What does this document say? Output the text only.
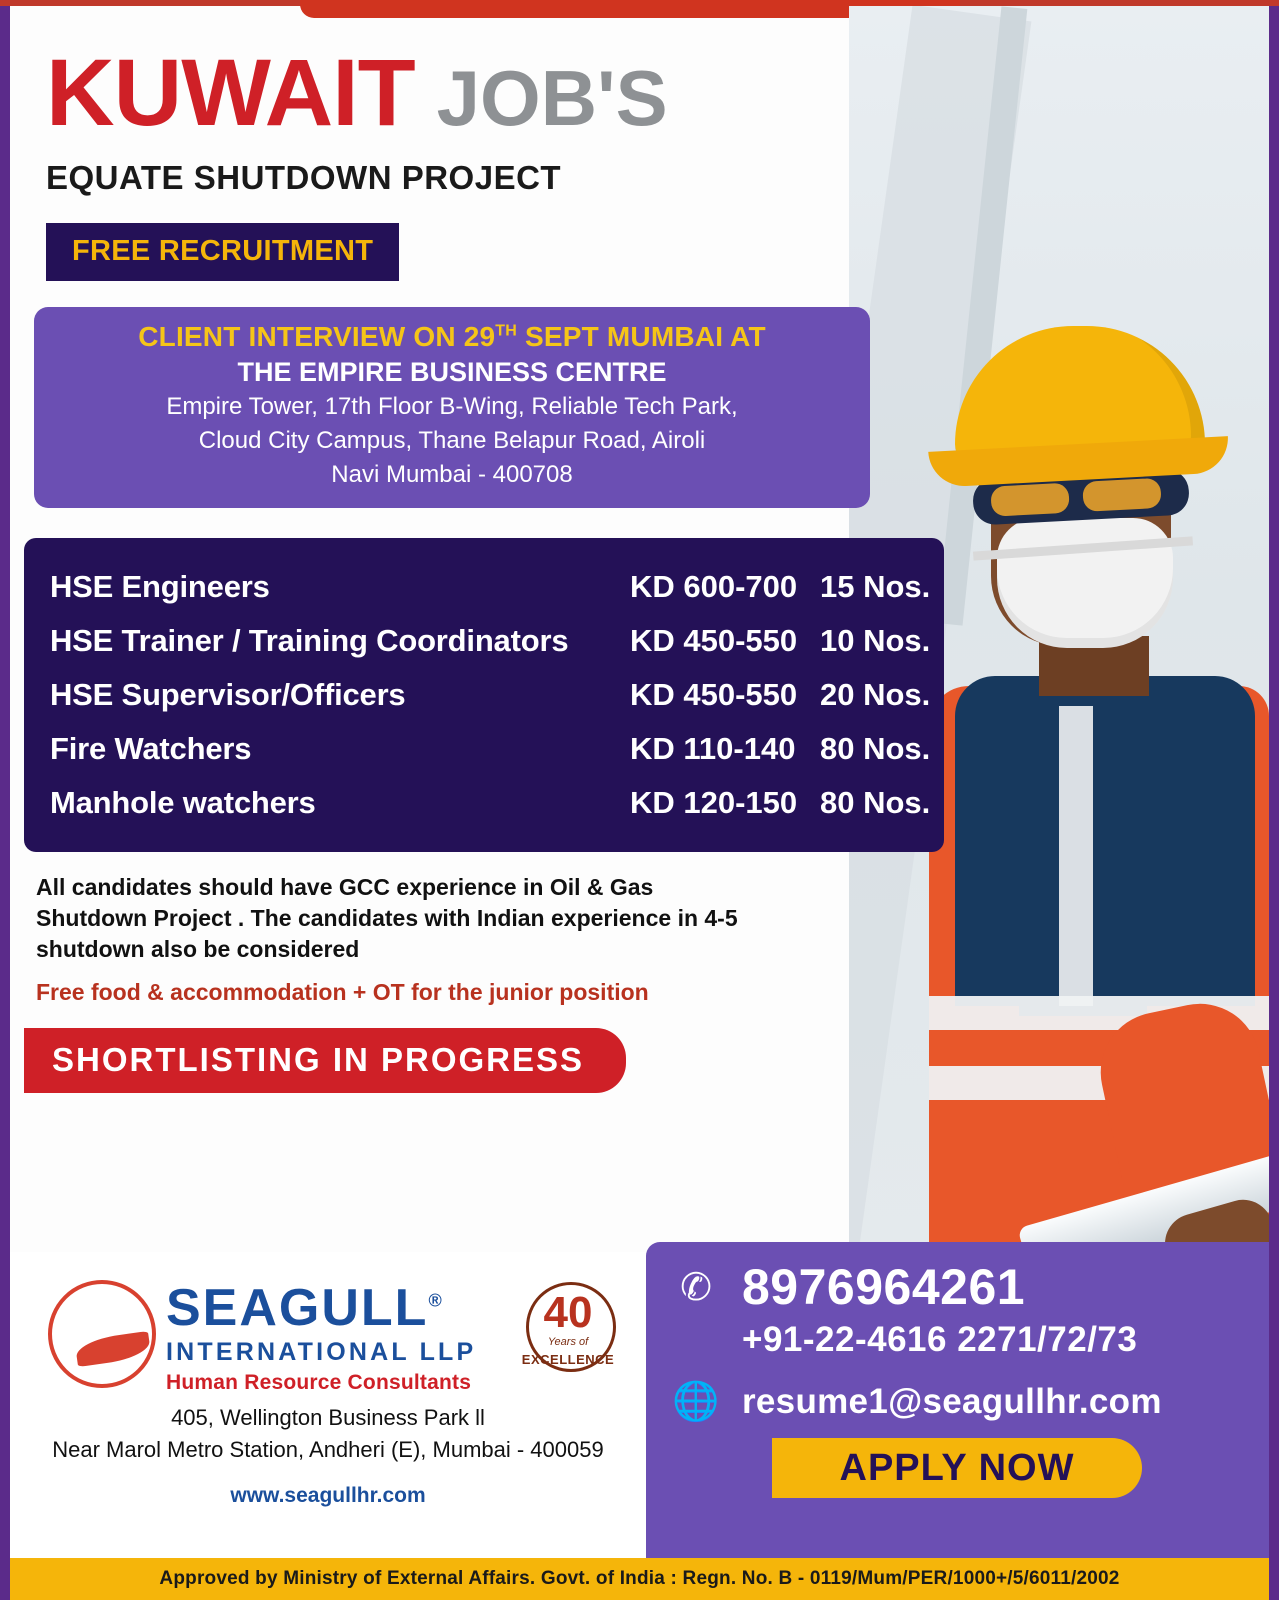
KUWAIT JOB'S
EQUATE SHUTDOWN PROJECT
FREE RECRUITMENT
CLIENT INTERVIEW ON 29TH SEPT MUMBAI AT
THE EMPIRE BUSINESS CENTRE
Empire Tower, 17th Floor B-Wing, Reliable Tech Park,
Cloud City Campus, Thane Belapur Road, Airoli
Navi Mumbai - 400708
HSE Engineers	KD 600-700 15 Nos.
HSE Trainer / Training Coordinators	KD 450-550 10 Nos.
HSE Supervisor/Officers	KD 450-550 20 Nos.
Fire Watchers	KD 110-140 80 Nos.
Manhole watchers	KD 120-150 80 Nos.
All candidates should have GCC experience in Oil & Gas Shutdown Project . The candidates with Indian experience in 4-5 shutdown also be considered
Free food & accommodation + OT for the junior position
SHORTLISTING IN PROGRESS
SEAGULL®
INTERNATIONAL LLP
Human Resource Consultants
40
Years of
EXCELLENCE
405, Wellington Business Park ll
Near Marol Metro Station, Andheri (E), Mumbai - 400059
www.seagullhr.com
✆ 8976964261
+91-22-4616 2271/72/73
🌐 resume1@seagullhr.com
APPLY NOW
Approved by Ministry of External Affairs. Govt. of India : Regn. No. B - 0119/Mum/PER/1000+/5/6011/2002
